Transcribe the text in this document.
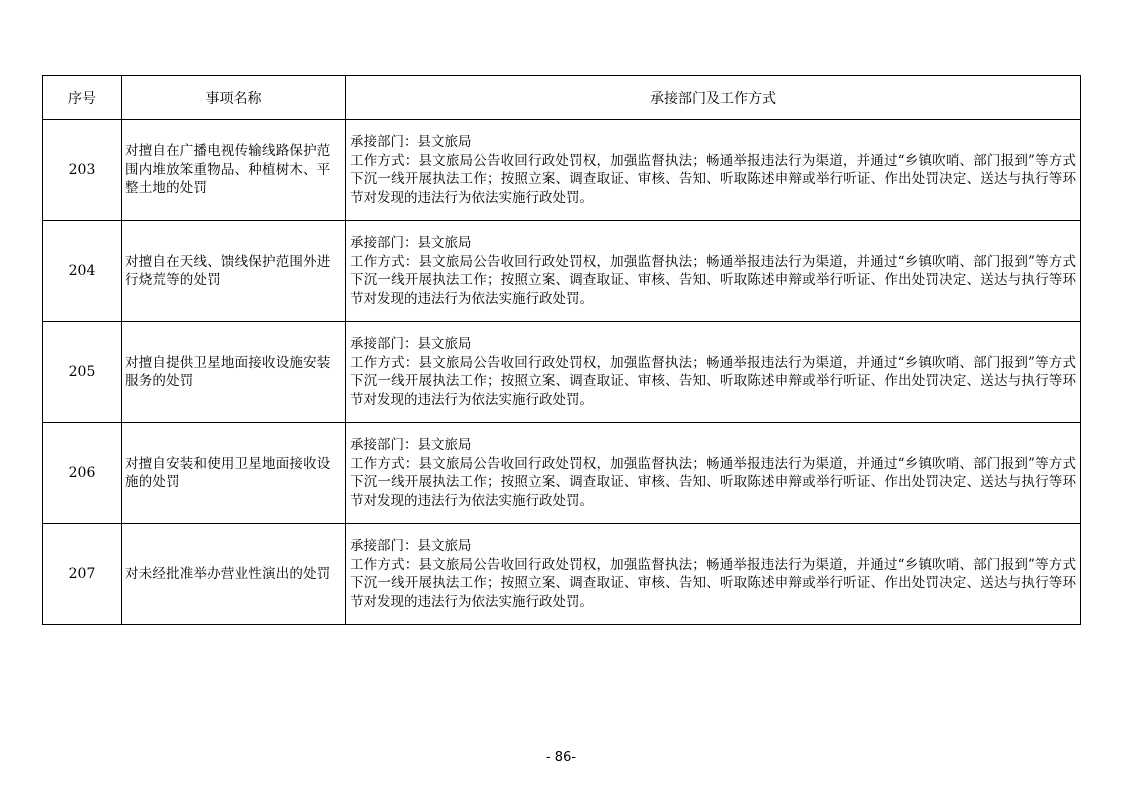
序号	事项名称	承接部门及工作方式
203	对擅自在广播电视传输线路保护范围内堆放笨重物品、种植树木、平整土地的处罚	承接部门：县文旅局
工作方式：县文旅局公告收回行政处罚权，加强监督执法；畅通举报违法行为渠道，并通过“乡镇吹哨、部门报到”等方式下沉一线开展执法工作；按照立案、调查取证、审核、告知、听取陈述申辩或举行听证、作出处罚决定、送达与执行等环节对发现的违法行为依法实施行政处罚。

204	对擅自在天线、馈线保护范围外进行烧荒等的处罚	承接部门：县文旅局
工作方式：县文旅局公告收回行政处罚权，加强监督执法；畅通举报违法行为渠道，并通过“乡镇吹哨、部门报到”等方式下沉一线开展执法工作；按照立案、调查取证、审核、告知、听取陈述申辩或举行听证、作出处罚决定、送达与执行等环节对发现的违法行为依法实施行政处罚。

205	对擅自提供卫星地面接收设施安装服务的处罚	承接部门：县文旅局
工作方式：县文旅局公告收回行政处罚权，加强监督执法；畅通举报违法行为渠道，并通过“乡镇吹哨、部门报到”等方式下沉一线开展执法工作；按照立案、调查取证、审核、告知、听取陈述申辩或举行听证、作出处罚决定、送达与执行等环节对发现的违法行为依法实施行政处罚。

206	对擅自安装和使用卫星地面接收设施的处罚	承接部门：县文旅局
工作方式：县文旅局公告收回行政处罚权，加强监督执法；畅通举报违法行为渠道，并通过“乡镇吹哨、部门报到”等方式下沉一线开展执法工作；按照立案、调查取证、审核、告知、听取陈述申辩或举行听证、作出处罚决定、送达与执行等环节对发现的违法行为依法实施行政处罚。

207	对未经批准举办营业性演出的处罚	承接部门：县文旅局
工作方式：县文旅局公告收回行政处罚权，加强监督执法；畅通举报违法行为渠道，并通过“乡镇吹哨、部门报到”等方式下沉一线开展执法工作；按照立案、调查取证、审核、告知、听取陈述申辩或举行听证、作出处罚决定、送达与执行等环节对发现的违法行为依法实施行政处罚。
- 86-
